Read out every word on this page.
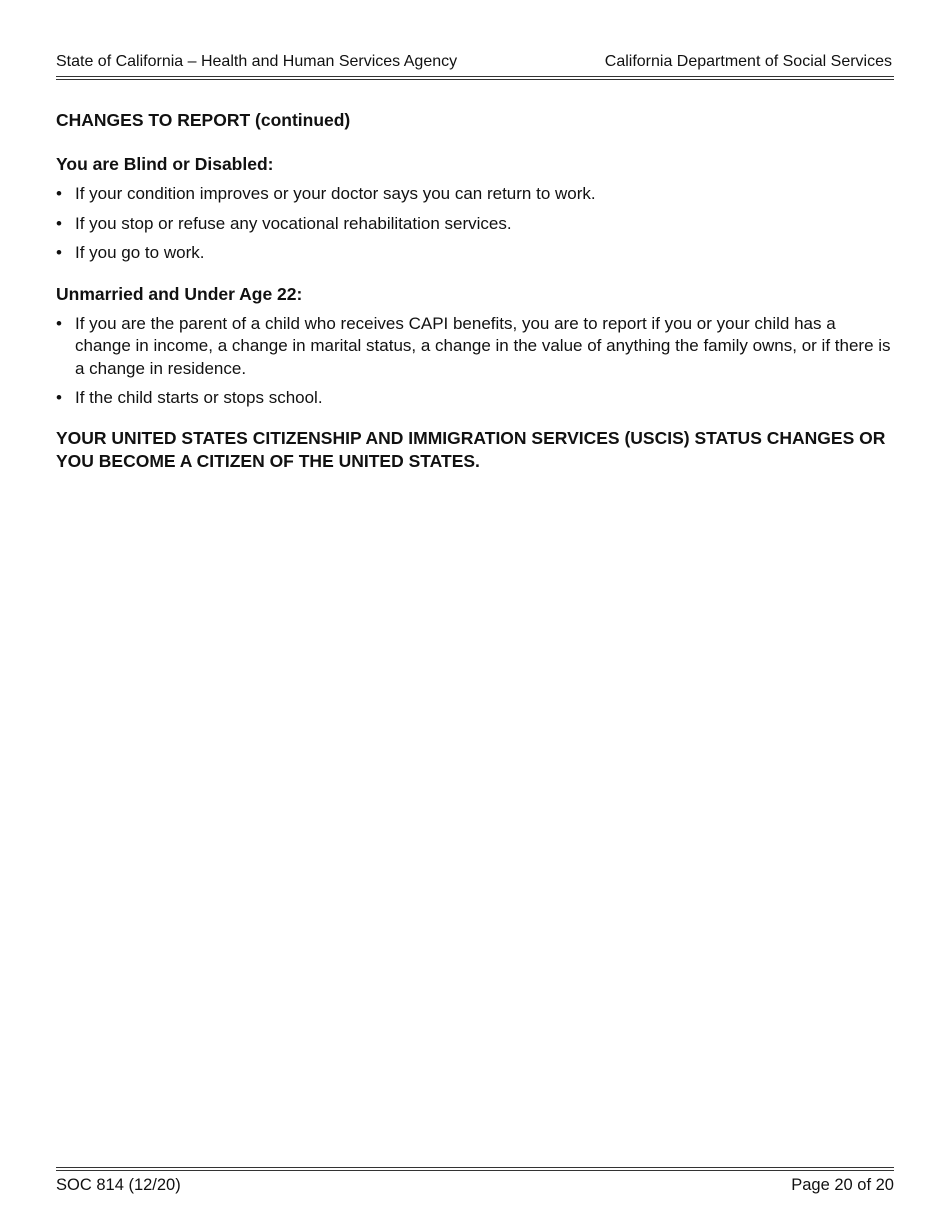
State of California – Health and Human Services Agency	California Department of Social Services
CHANGES TO REPORT (continued)
You are Blind or Disabled:
• If your condition improves or your doctor says you can return to work.
• If you stop or refuse any vocational rehabilitation services.
• If you go to work.
Unmarried and Under Age 22:
• If you are the parent of a child who receives CAPI benefits, you are to report if you or your child has a change in income, a change in marital status, a change in the value of anything the family owns, or if there is a change in residence.
• If the child starts or stops school.

YOUR UNITED STATES CITIZENSHIP AND IMMIGRATION SERVICES (USCIS) STATUS CHANGES OR YOU BECOME A CITIZEN OF THE UNITED STATES.

SOC 814 (12/20)	Page 20 of 20
